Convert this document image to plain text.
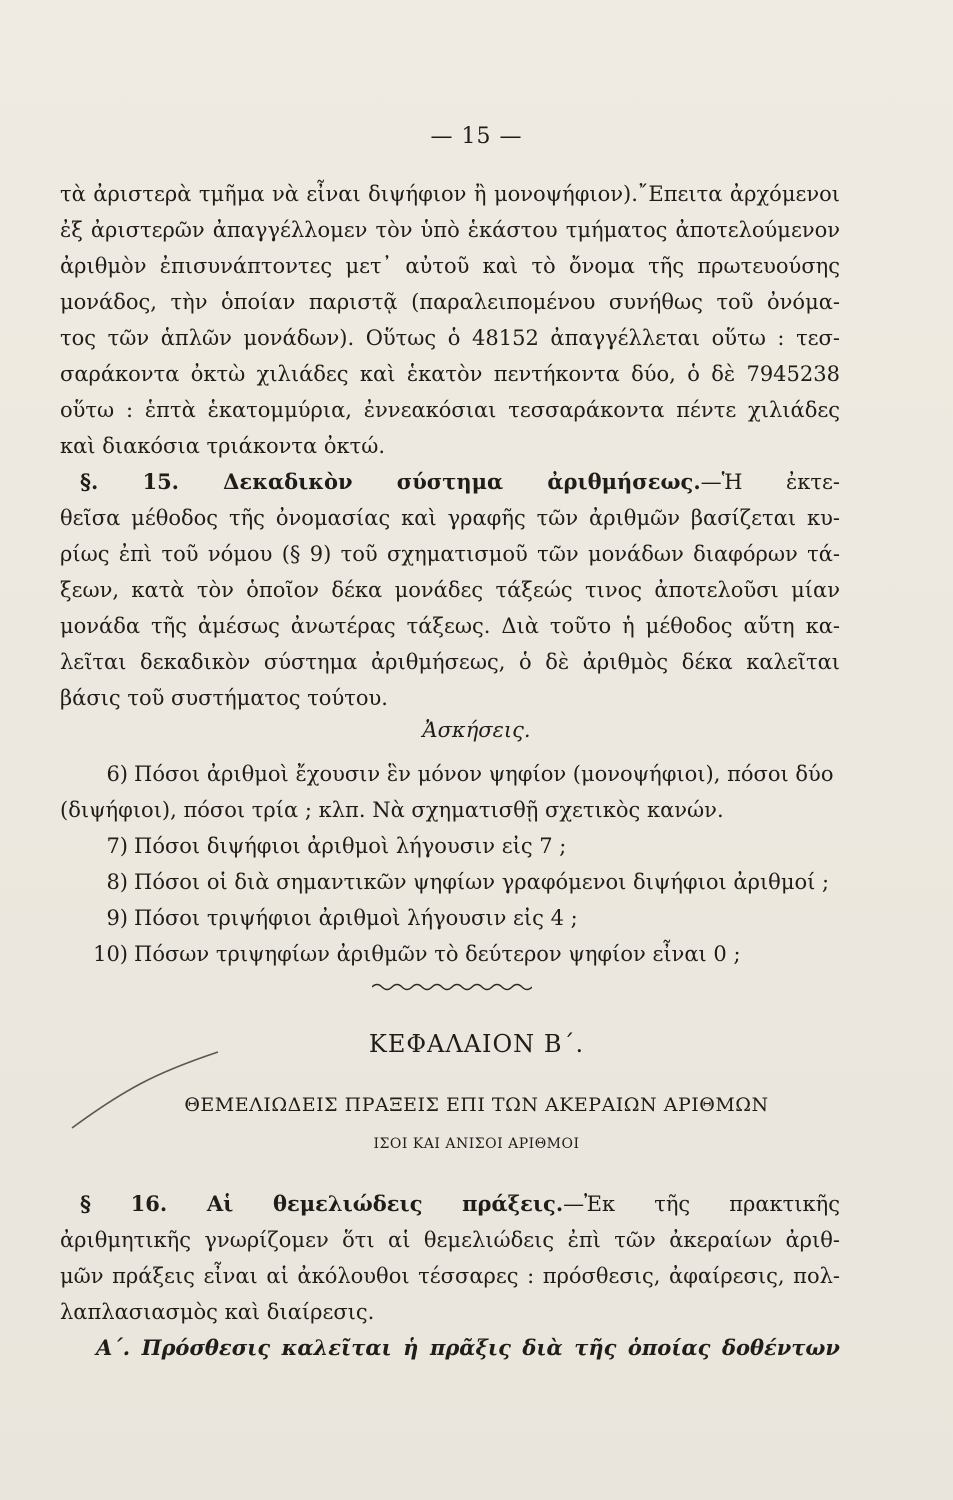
— 15 —
τὰ ἀριστερὰ τμῆμα νὰ εἶναι διψήφιον ἢ μονοψήφιον).῎Επειτα ἀρχόμενοι
ἐξ ἀριστερῶν ἀπαγγέλλομεν τὸν ὑπὸ ἑκάστου τμήματος ἀποτελούμενον
ἀριθμὸν ἐπισυνάπτοντες μετ᾽ αὐτοῦ καὶ τὸ ὄνομα τῆς πρωτευούσης
μονάδος, τὴν ὁποίαν παριστᾷ (παραλειπομένου συνήθως τοῦ ὀνόμα-
τος τῶν ἁπλῶν μονάδων). Οὕτως ὁ 48152 ἀπαγγέλλεται οὕτω : τεσ-
σαράκοντα ὀκτὼ χιλιάδες καὶ ἑκατὸν πεντήκοντα δύο, ὁ δὲ 7945238
οὕτω : ἑπτὰ ἑκατομμύρια, ἐννεακόσιαι τεσσαράκοντα πέντε χιλιάδες
καὶ διακόσια τριάκοντα ὀκτώ.
§. 15. Δεκαδικὸν σύστημα ἀριθμήσεως.—Ἡ ἐκτε-
θεῖσα μέθοδος τῆς ὀνομασίας καὶ γραφῆς τῶν ἀριθμῶν βασίζεται κυ-
ρίως ἐπὶ τοῦ νόμου (§ 9) τοῦ σχηματισμοῦ τῶν μονάδων διαφόρων τά-
ξεων, κατὰ τὸν ὁποῖον δέκα μονάδες τάξεώς τινος ἀποτελοῦσι μίαν
μονάδα τῆς ἀμέσως ἀνωτέρας τάξεως. Διὰ τοῦτο ἡ μέθοδος αὕτη κα-
λεῖται δεκαδικὸν σύστημα ἀριθμήσεως, ὁ δὲ ἀριθμὸς δέκα καλεῖται
βάσις τοῦ συστήματος τούτου.
Ἀσκήσεις.
6) Πόσοι ἀριθμοὶ ἔχουσιν ἓν μόνον ψηφίον (μονοψήφιοι), πόσοι δύο
(διψήφιοι), πόσοι τρία ; κλπ. Νὰ σχηματισθῇ σχετικὸς κανών.
7) Πόσοι διψήφιοι ἀριθμοὶ λήγουσιν εἰς 7 ;
8) Πόσοι οἱ διὰ σημαντικῶν ψηφίων γραφόμενοι διψήφιοι ἀριθμοί ;
9) Πόσοι τριψήφιοι ἀριθμοὶ λήγουσιν εἰς 4 ;
10) Πόσων τριψηφίων ἀριθμῶν τὸ δεύτερον ψηφίον εἶναι 0 ;
ΚΕΦΑΛΑΙΟΝ Β΄.
ΘΕΜΕΛΙΩΔΕΙΣ ΠΡΑΞΕΙΣ ΕΠΙ ΤΩΝ ΑΚΕΡΑΙΩΝ ΑΡΙΘΜΩΝ
ΙΣΟΙ ΚΑΙ ΑΝΙΣΟΙ ΑΡΙΘΜΟΙ
§ 16. Αἱ θεμελιώδεις πράξεις.—Ἐκ τῆς πρακτικῆς
ἀριθμητικῆς γνωρίζομεν ὅτι αἱ θεμελιώδεις ἐπὶ τῶν ἀκεραίων ἀριθ-
μῶν πράξεις εἶναι αἱ ἀκόλουθοι τέσσαρες : πρόσθεσις, ἀφαίρεσις, πολ-
λαπλασιασμὸς καὶ διαίρεσις.
Α΄. Πρόσθεσις καλεῖται ἡ πρᾶξις διὰ τῆς ὁποίας δοθέντων
